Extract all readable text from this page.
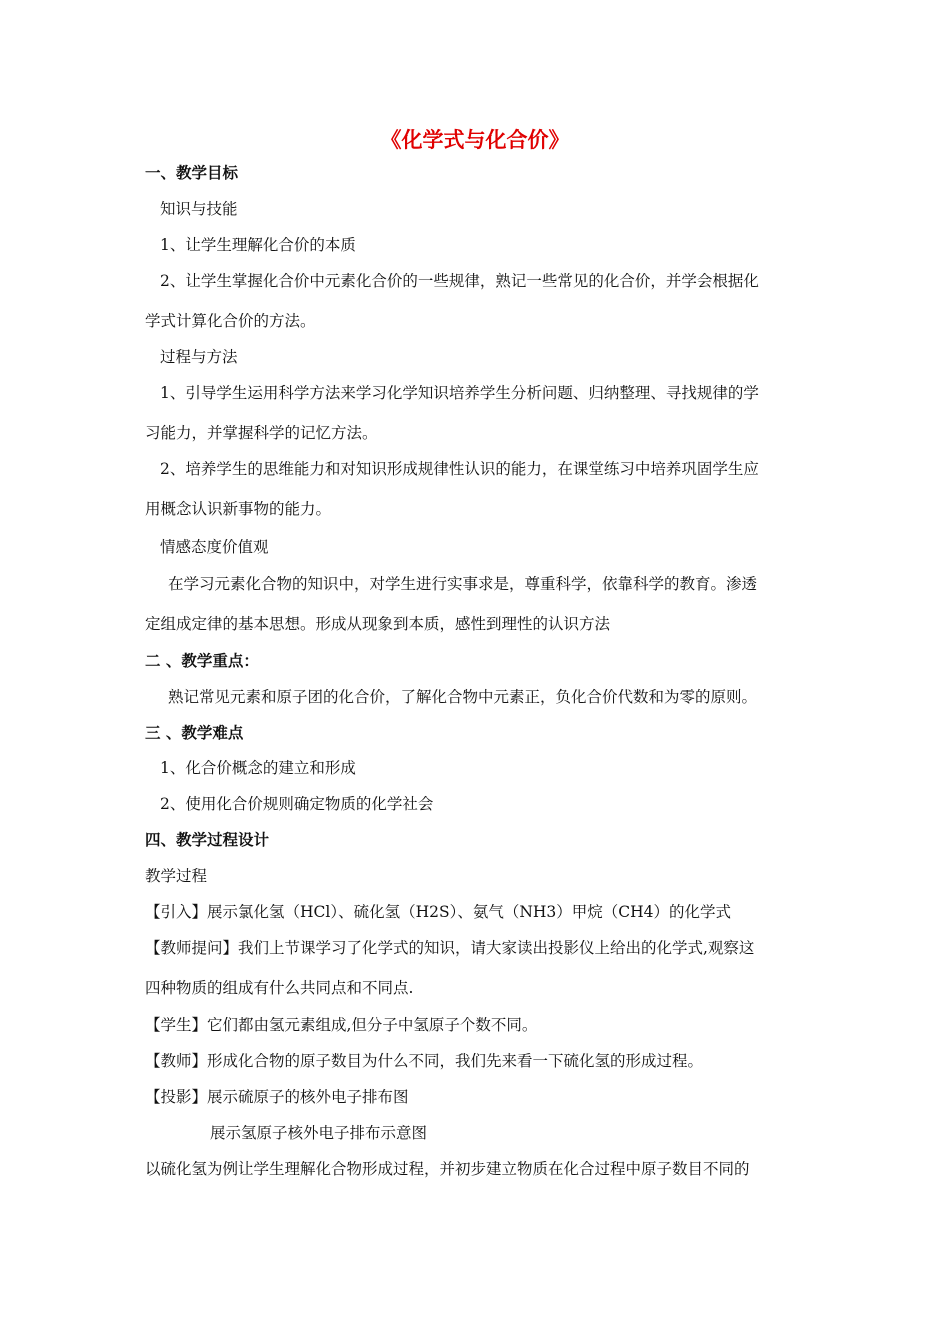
《化学式与化合价》
一、教学目标
知识与技能
1、让学生理解化合价的本质
2、让学生掌握化合价中元素化合价的一些规律，熟记一些常见的化合价，并学会根据化
学式计算化合价的方法。
过程与方法
1、引导学生运用科学方法来学习化学知识培养学生分析问题、归纳整理、寻找规律的学
习能力，并掌握科学的记忆方法。
2、培养学生的思维能力和对知识形成规律性认识的能力，在课堂练习中培养巩固学生应
用概念认识新事物的能力。
情感态度价值观
在学习元素化合物的知识中，对学生进行实事求是，尊重科学，依靠科学的教育。渗透
定组成定律的基本思想。形成从现象到本质，感性到理性的认识方法
二 、教学重点：
熟记常见元素和原子团的化合价，了解化合物中元素正，负化合价代数和为零的原则。
三 、教学难点
1、化合价概念的建立和形成
2、使用化合价规则确定物质的化学社会
四、教学过程设计
教学过程
【引入】展示氯化氢（HCl）、硫化氢（H2S）、氨气（NH3）甲烷（CH4）的化学式
【教师提问】我们上节课学习了化学式的知识，请大家读出投影仪上给出的化学式,观察这
四种物质的组成有什么共同点和不同点.
【学生】它们都由氢元素组成,但分子中氢原子个数不同。
【教师】形成化合物的原子数目为什么不同，我们先来看一下硫化氢的形成过程。
【投影】展示硫原子的核外电子排布图
展示氢原子核外电子排布示意图
以硫化氢为例让学生理解化合物形成过程，并初步建立物质在化合过程中原子数目不同的
